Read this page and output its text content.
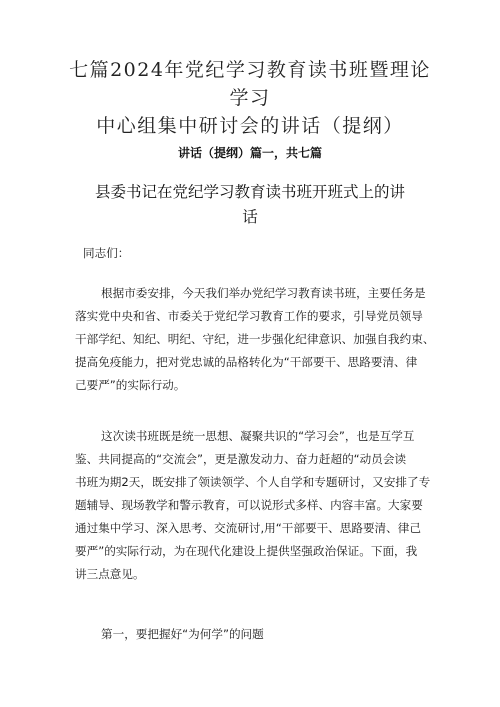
七篇2024年党纪学习教育读书班暨理论学习
中心组集中研讨会的讲话（提纲）
讲话（提纲）篇一，共七篇
县委书记在党纪学习教育读书班开班式上的讲
话
同志们：
根据市委安排，今天我们举办党纪学习教育读书班，主要任务是
落实党中央和省、市委关于党纪学习教育工作的要求，引导党员领导
干部学纪、知纪、明纪、守纪，进一步强化纪律意识、加强自我约束、
提高免疫能力，把对党忠诚的品格转化为“干部要干、思路要清、律
己要严”的实际行动。
这次读书班既是统一思想、凝聚共识的“学习会”，也是互学互
鉴、共同提高的“交流会”，更是激发动力、奋力赶超的“动员会读
书班为期2天，既安排了领读领学、个人自学和专题研讨，又安排了专
题辅导、现场教学和警示教育，可以说形式多样、内容丰富。大家要
通过集中学习、深入思考、交流研讨,用“干部要干、思路要清、律己
要严”的实际行动，为在现代化建设上提供坚强政治保证。下面，我
讲三点意见。
第一，要把握好“为何学”的问题
